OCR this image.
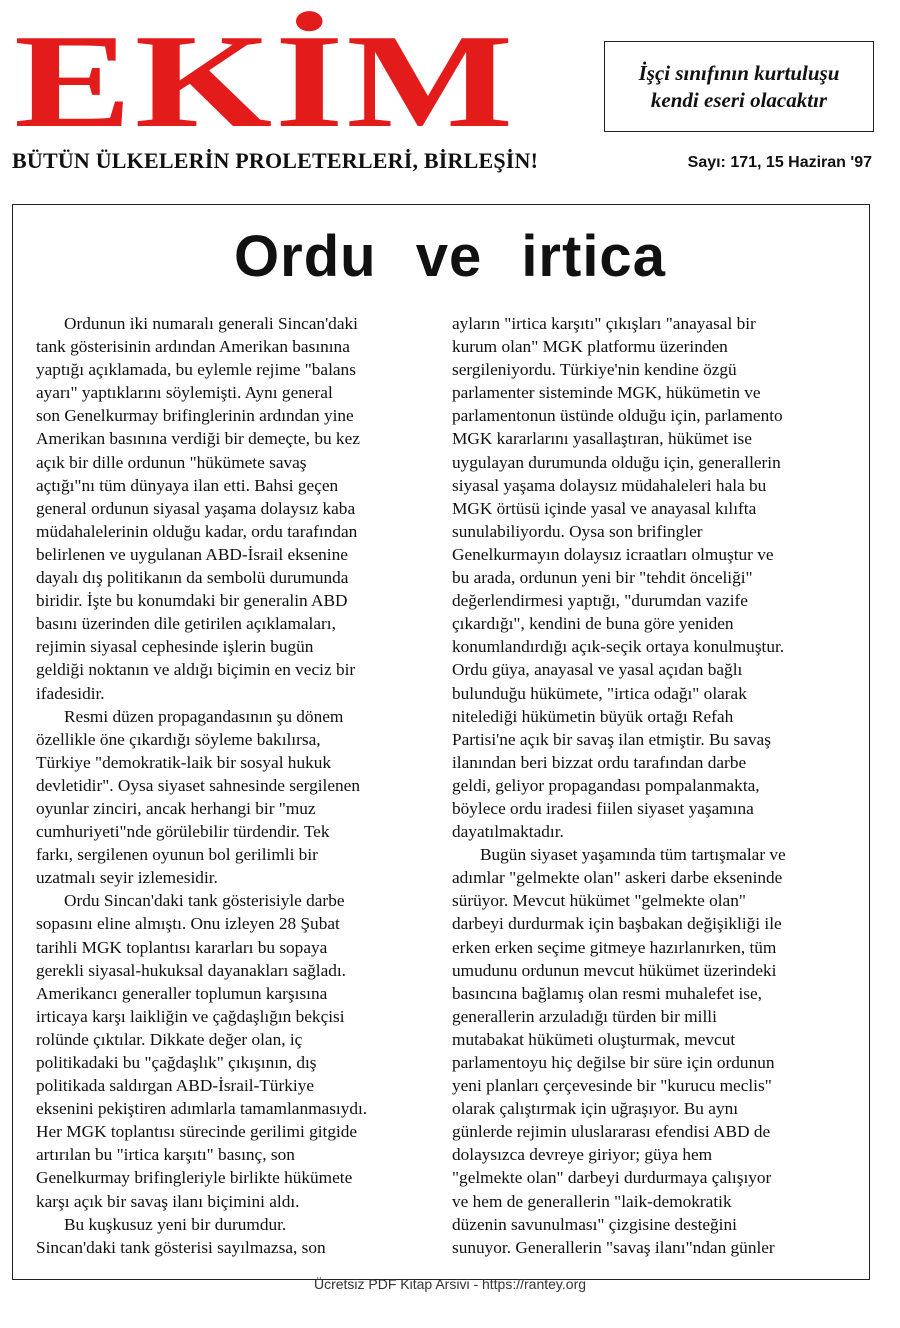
EKİM	İşçi sınıfının kurtuluşu
kendi eseri olacaktır
BÜTÜN ÜLKELERİN PROLETERLERİ, BİRLEŞİN!	Sayı: 171, 15 Haziran '97
Ordu ve irtica

Ordunun iki numaralı generali Sincan'daki

tank gösterisinin ardından Amerikan basınına

yaptığı açıklamada, bu eylemle rejime "balans

ayarı" yaptıklarını söylemişti. Aynı general

son Genelkurmay brifinglerinin ardından yine

Amerikan basınına verdiği bir demeçte, bu kez

açık bir dille ordunun "hükümete savaş

açtığı"nı tüm dünyaya ilan etti. Bahsi geçen

general ordunun siyasal yaşama dolaysız kaba

müdahalelerinin olduğu kadar, ordu tarafından

belirlenen ve uygulanan ABD-İsrail eksenine

dayalı dış politikanın da sembolü durumunda

biridir. İşte bu konumdaki bir generalin ABD

basını üzerinden dile getirilen açıklamaları,

rejimin siyasal cephesinde işlerin bugün

geldiği noktanın ve aldığı biçimin en veciz bir

ifadesidir.

Resmi düzen propagandasının şu dönem

özellikle öne çıkardığı söyleme bakılırsa,

Türkiye "demokratik-laik bir sosyal hukuk

devletidir". Oysa siyaset sahnesinde sergilenen

oyunlar zinciri, ancak herhangi bir "muz

cumhuriyeti"nde görülebilir türdendir. Tek

farkı, sergilenen oyunun bol gerilimli bir

uzatmalı seyir izlemesidir.

Ordu Sincan'daki tank gösterisiyle darbe

sopasını eline almıştı. Onu izleyen 28 Şubat

tarihli MGK toplantısı kararları bu sopaya

gerekli siyasal-hukuksal dayanakları sağladı.

Amerikancı generaller toplumun karşısına

irticaya karşı laikliğin ve çağdaşlığın bekçisi

rolünde çıktılar. Dikkate değer olan, iç

politikadaki bu "çağdaşlık" çıkışının, dış

politikada saldırgan ABD-İsrail-Türkiye

eksenini pekiştiren adımlarla tamamlanmasıydı.

Her MGK toplantısı sürecinde gerilimi gitgide

artırılan bu "irtica karşıtı" basınç, son

Genelkurmay brifingleriyle birlikte hükümete

karşı açık bir savaş ilanı biçimini aldı.

Bu kuşkusuz yeni bir durumdur.

Sincan'daki tank gösterisi sayılmazsa, son

ayların "irtica karşıtı" çıkışları "anayasal bir

kurum olan" MGK platformu üzerinden

sergileniyordu. Türkiye'nin kendine özgü

parlamenter sisteminde MGK, hükümetin ve

parlamentonun üstünde olduğu için, parlamento

MGK kararlarını yasallaştıran, hükümet ise

uygulayan durumunda olduğu için, generallerin

siyasal yaşama dolaysız müdahaleleri hala bu

MGK örtüsü içinde yasal ve anayasal kılıfta

sunulabiliyordu. Oysa son brifingler

Genelkurmayın dolaysız icraatları olmuştur ve

bu arada, ordunun yeni bir "tehdit önceliği"

değerlendirmesi yaptığı, "durumdan vazife

çıkardığı", kendini de buna göre yeniden

konumlandırdığı açık-seçik ortaya konulmuştur.

Ordu güya, anayasal ve yasal açıdan bağlı

bulunduğu hükümete, "irtica odağı" olarak

nitelediği hükümetin büyük ortağı Refah

Partisi'ne açık bir savaş ilan etmiştir. Bu savaş

ilanından beri bizzat ordu tarafından darbe

geldi, geliyor propagandası pompalanmakta,

böylece ordu iradesi fiilen siyaset yaşamına

dayatılmaktadır.

Bugün siyaset yaşamında tüm tartışmalar ve

adımlar "gelmekte olan" askeri darbe ekseninde

sürüyor. Mevcut hükümet "gelmekte olan"

darbeyi durdurmak için başbakan değişikliği ile

erken erken seçime gitmeye hazırlanırken, tüm

umudunu ordunun mevcut hükümet üzerindeki

basıncına bağlamış olan resmi muhalefet ise,

generallerin arzuladığı türden bir milli

mutabakat hükümeti oluşturmak, mevcut

parlamentoyu hiç değilse bir süre için ordunun

yeni planları çerçevesinde bir "kurucu meclis"

olarak çalıştırmak için uğraşıyor. Bu aynı

günlerde rejimin uluslararası efendisi ABD de

dolaysızca devreye giriyor; güya hem

"gelmekte olan" darbeyi durdurmaya çalışıyor

ve hem de generallerin "laik-demokratik

düzenin savunulması" çizgisine desteğini

sunuyor. Generallerin "savaş ilanı"ndan günler

Ücretsiz PDF Kitap Arsivi - https://rantey.org
